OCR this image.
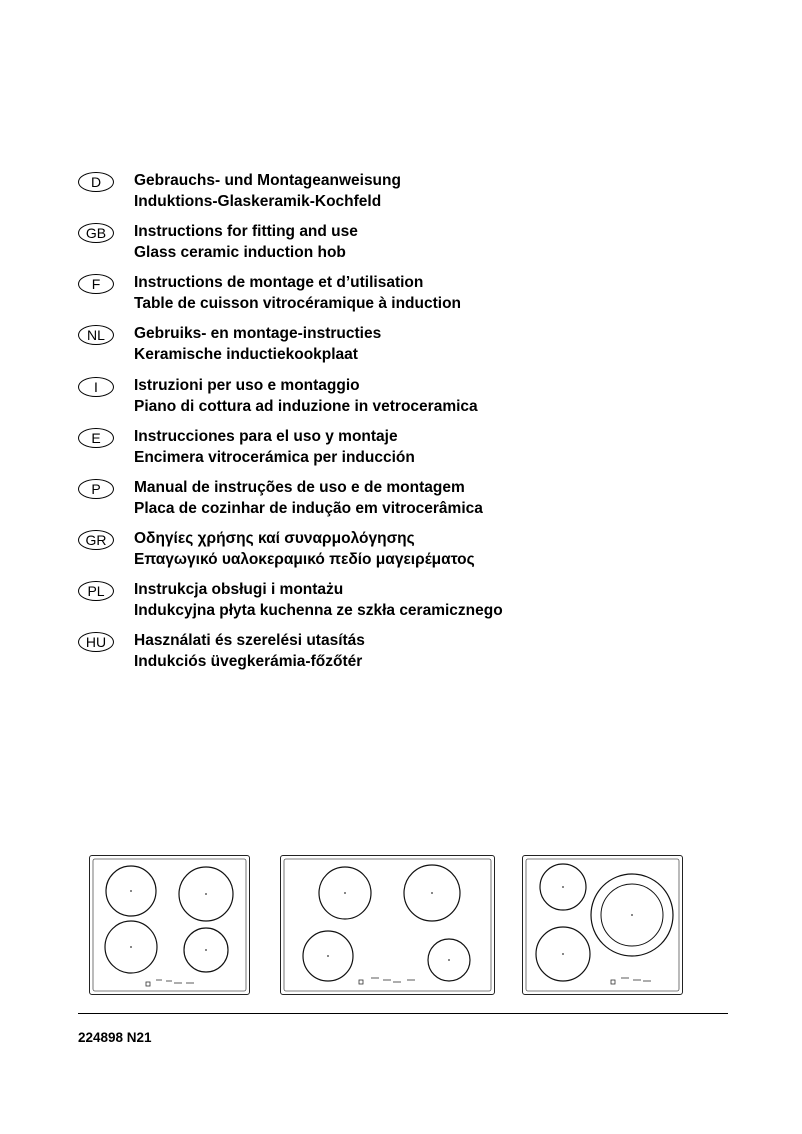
D	Gebrauchs- und Montageanweisung
Induktions-Glaskeramik-Kochfeld
GB	Instructions for fitting and use
Glass ceramic induction hob
F	Instructions de montage et d’utilisation
Table de cuisson vitrocéramique à induction
NL	Gebruiks- en montage-instructies
Keramische inductiekookplaat
I	Istruzioni per uso e montaggio
Piano di cottura ad induzione in vetroceramica
E	Instrucciones para el uso y montaje
Encimera vitrocerámica per inducción
P	Manual de instruções de uso e de montagem
Placa de cozinhar de indução em vitrocerâmica
GR	Οδηγίες χρήσης καί συναρμολόγησης
Επαγωγικό υαλοκεραμικό πεδίο μαγειρέματος
PL	Instrukcja obsługi i montażu
Indukcyjna płyta kuchenna ze szkła ceramicznego
HU	Használati és szerelési utasítás
Indukciós üvegkerámia-főzőtér
224898 N21
